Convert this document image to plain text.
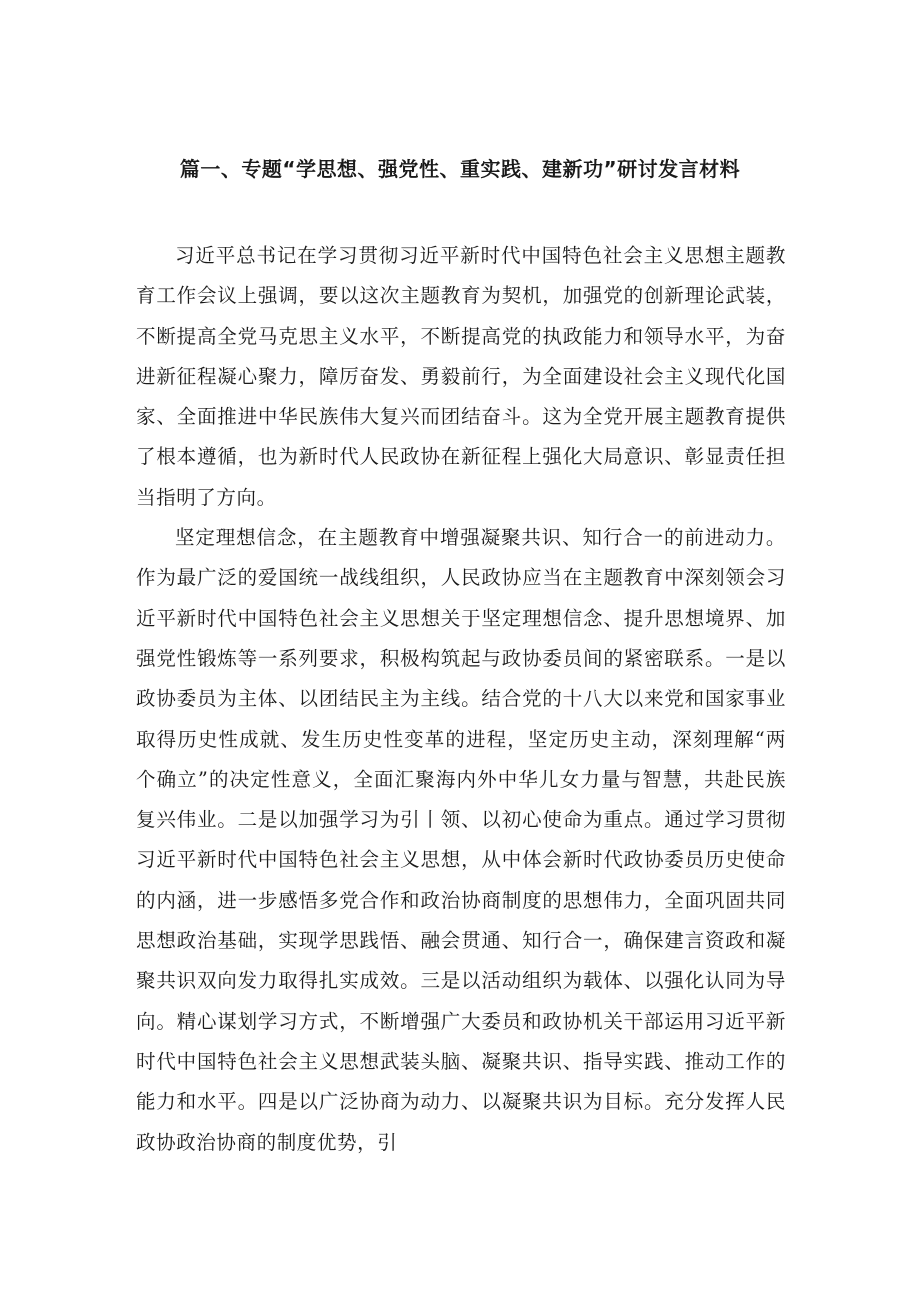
篇一、专题“学思想、强党性、重实践、建新功”研讨发言材料

习近平总书记在学习贯彻习近平新时代中国特色社会主义思想主题教育工作会议上强调，要以这次主题教育为契机，加强党的创新理论武装，不断提高全党马克思主义水平，不断提高党的执政能力和领导水平，为奋进新征程凝心聚力，障厉奋发、勇毅前行，为全面建设社会主义现代化国家、全面推进中华民族伟大复兴而团结奋斗。这为全党开展主题教育提供了根本遵循，也为新时代人民政协在新征程上强化大局意识、彰显责任担当指明了方向。

坚定理想信念，在主题教育中增强凝聚共识、知行合一的前进动力。作为最广泛的爱国统一战线组织，人民政协应当在主题教育中深刻领会习近平新时代中国特色社会主义思想关于坚定理想信念、提升思想境界、加强党性锻炼等一系列要求，积极构筑起与政协委员间的紧密联系。一是以政协委员为主体、以团结民主为主线。结合党的十八大以来党和国家事业取得历史性成就、发生历史性变革的进程，坚定历史主动，深刻理解“两个确立”的决定性意义，全面汇聚海内外中华儿女力量与智慧，共赴民族复兴伟业。二是以加强学习为引丨领、以初心使命为重点。通过学习贯彻习近平新时代中国特色社会主义思想，从中体会新时代政协委员历史使命的内涵，进一步感悟多党合作和政治协商制度的思想伟力，全面巩固共同思想政治基础，实现学思践悟、融会贯通、知行合一，确保建言资政和凝聚共识双向发力取得扎实成效。三是以活动组织为载体、以强化认同为导向。精心谋划学习方式，不断增强广大委员和政协机关干部运用习近平新时代中国特色社会主义思想武装头脑、凝聚共识、指导实践、推动工作的能力和水平。四是以广泛协商为动力、以凝聚共识为目标。充分发挥人民政协政治协商的制度优势，引
